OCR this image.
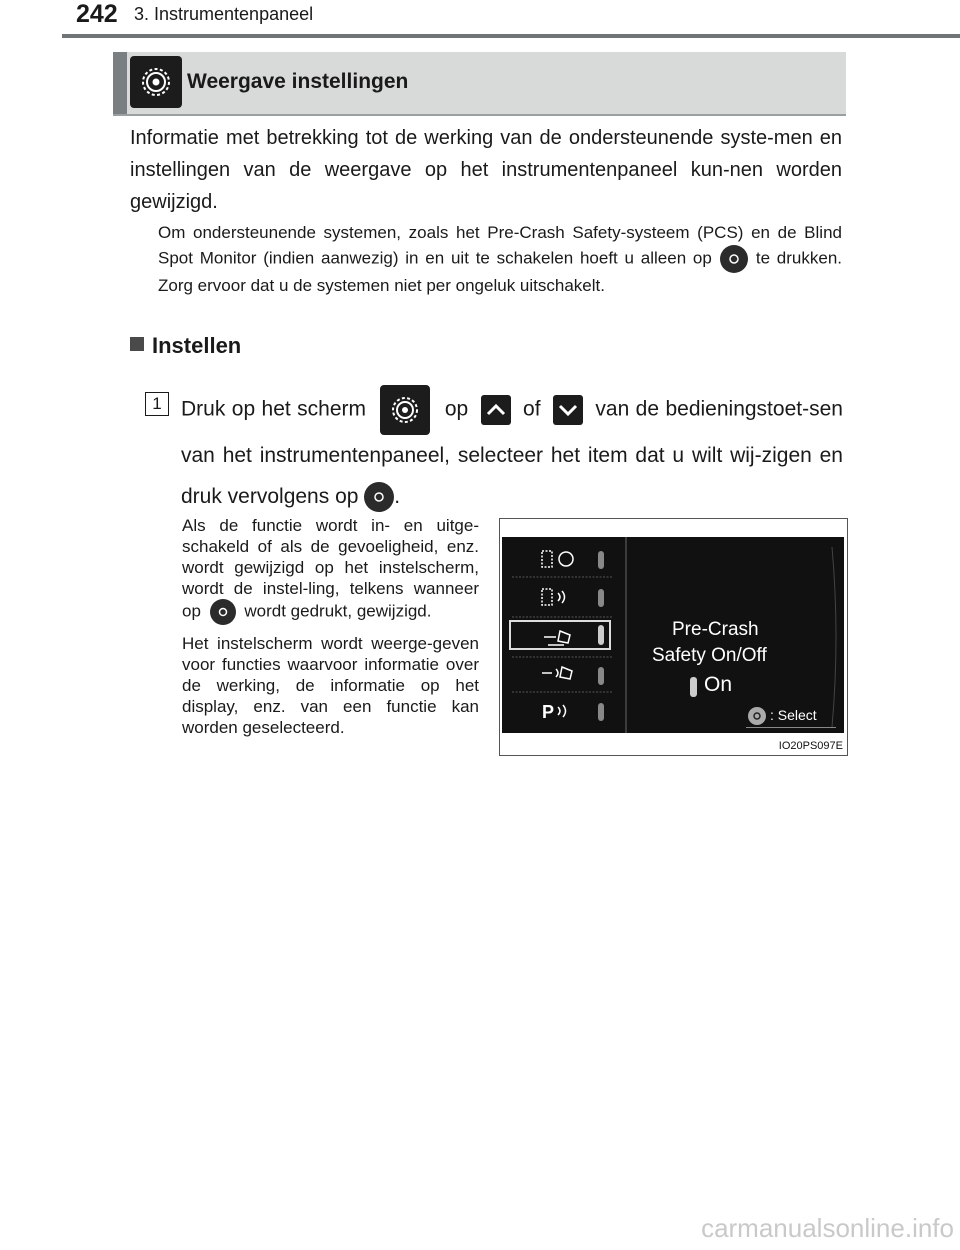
242 3. Instrumentenpaneel
Weergave instellingen
Informatie met betrekking tot de werking van de ondersteunende syste-men en instellingen van de weergave op het instrumentenpaneel kun-nen worden gewijzigd.
Om ondersteunende systemen, zoals het Pre-Crash Safety-systeem (PCS) en de Blind Spot Monitor (indien aanwezig) in en uit te schakelen hoeft u alleen op	te drukken. Zorg ervoor dat u de systemen niet per ongeluk uitschakelt.
Instellen
1 Druk op het scherm	op	of	van de bedieningstoet-sen van het instrumentenpaneel, selecteer het item dat u wilt wij-zigen en druk vervolgens op .

Als de functie wordt in- en uitge-schakeld of als de gevoeligheid, enz. wordt gewijzigd op het instelscherm, wordt de instel-ling, telkens wanneer op	wordt gedrukt, gewijzigd.

Het instelscherm wordt weerge-geven voor functies waarvoor informatie over de werking, de informatie op het display, enz. van een functie kan worden geselecteerd.

P
Pre-Crash
Safety On/Off
On
: Select
IO20PS097E
carmanualsonline.info
